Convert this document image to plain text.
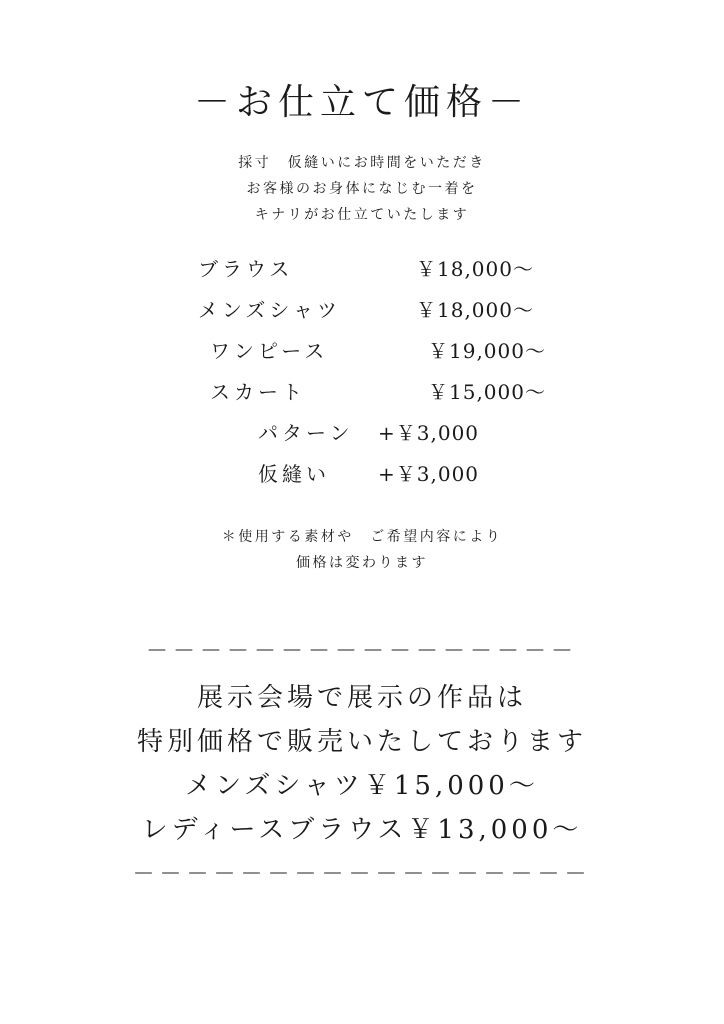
－お仕立て価格－
採寸　仮縫いにお時間をいただき
お客様のお身体になじむ一着を
キナリがお仕立ていたします
ブラウス	￥18,000～
メンズシャツ	￥18,000～
ワンピース	￥19,000～
スカート	￥15,000～
パターン +￥3,000
仮縫い +￥3,000
＊使用する素材や　ご希望内容により
価格は変わります
－－－－－－－－－－－－－－－－
展示会場で展示の作品は
特別価格で販売いたしております
メンズシャツ￥15,000～
レディースブラウス￥13,000～
－－－－－－－－－－－－－－－－－
